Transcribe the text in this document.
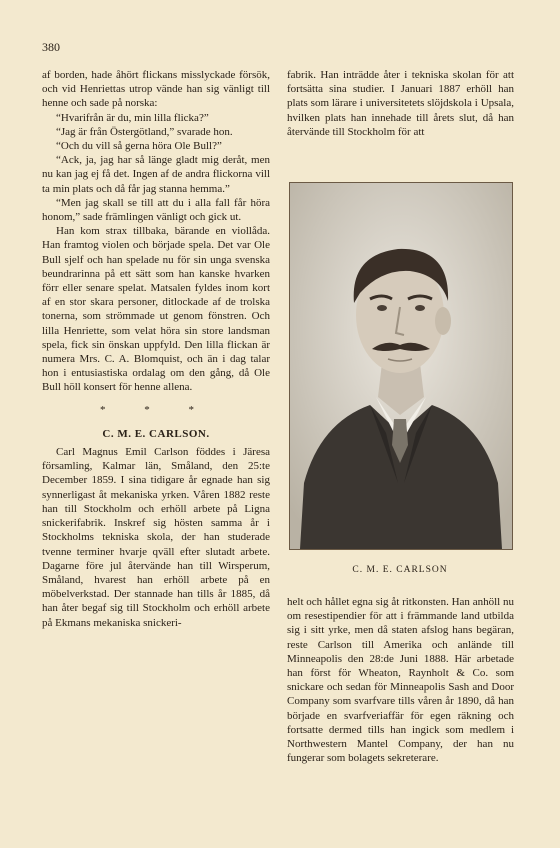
380

af borden, hade åhört flickans misslyckade försök, och vid Henriettas utrop vände han sig vänligt till henne och sade på norska:

“Hvarifrån är du, min lilla flicka?”

“Jag är från Östergötland,” svarade hon.

“Och du vill så gerna höra Ole Bull?”

“Ack, ja, jag har så länge gladt mig deråt, men nu kan jag ej få det. Ingen af de andra flickorna vill ta min plats och då får jag stanna hemma.”

“Men jag skall se till att du i alla fall får höra honom,” sade främlingen vänligt och gick ut.

Han kom strax tillbaka, bärande en viollåda. Han framtog violen och började spela. Det var Ole Bull sjelf och han spelade nu för sin unga svenska beundrarinna på ett sätt som han kanske hvarken förr eller senare spelat. Matsalen fyldes inom kort af en stor skara personer, ditlockade af de trolska tonerna, som strömmade ut genom fönstren. Och lilla Henriette, som velat höra sin store landsman spela, fick sin önskan uppfyld. Den lilla flickan är numera Mrs. C. A. Blomquist, och än i dag talar hon i entusiastiska ordalag om den gång, då Ole Bull höll konsert för henne allena.

* * *
C. M. E. CARLSON.

Carl Magnus Emil Carlson föddes i Järesa församling, Kalmar län, Småland, den 25:te December 1859. I sina tidigare år egnade han sig synnerligast åt mekaniska yrken. Våren 1882 reste han till Stockholm och erhöll arbete på Ligna snickerifabrik. Inskref sig hösten samma år i Stockholms tekniska skola, der han studerade tvenne terminer hvarje qväll efter slutadt arbete. Dagarne före jul återvände han till Wirsperum, Småland, hvarest han erhöll arbete på en möbelverkstad. Der stannade han tills år 1885, då han åter begaf sig till Stockholm och erhöll arbete på Ekmans mekaniska snickeri-

fabrik. Han inträdde åter i tekniska skolan för att fortsätta sina studier. I Januari 1887 erhöll han plats som lärare i universitetets slöjdskola i Upsala, hvilken plats han innehade till årets slut, då han återvände till Stockholm för att

C. M. E. CARLSON

helt och hållet egna sig åt ritkonsten. Han anhöll nu om resestipendier för att i främmande land utbilda sig i sitt yrke, men då staten afslog hans begäran, reste Carlson till Amerika och anlände till Minneapolis den 28:de Juni 1888. Här arbetade han först för Wheaton, Raynholt & Co. som snickare och sedan för Minneapolis Sash and Door Company som svarfvare tills våren år 1890, då han började en svarfveriaffär för egen räkning och fortsatte dermed tills han ingick som medlem i Northwestern Mantel Company, der han nu fungerar som bolagets sekreterare.
